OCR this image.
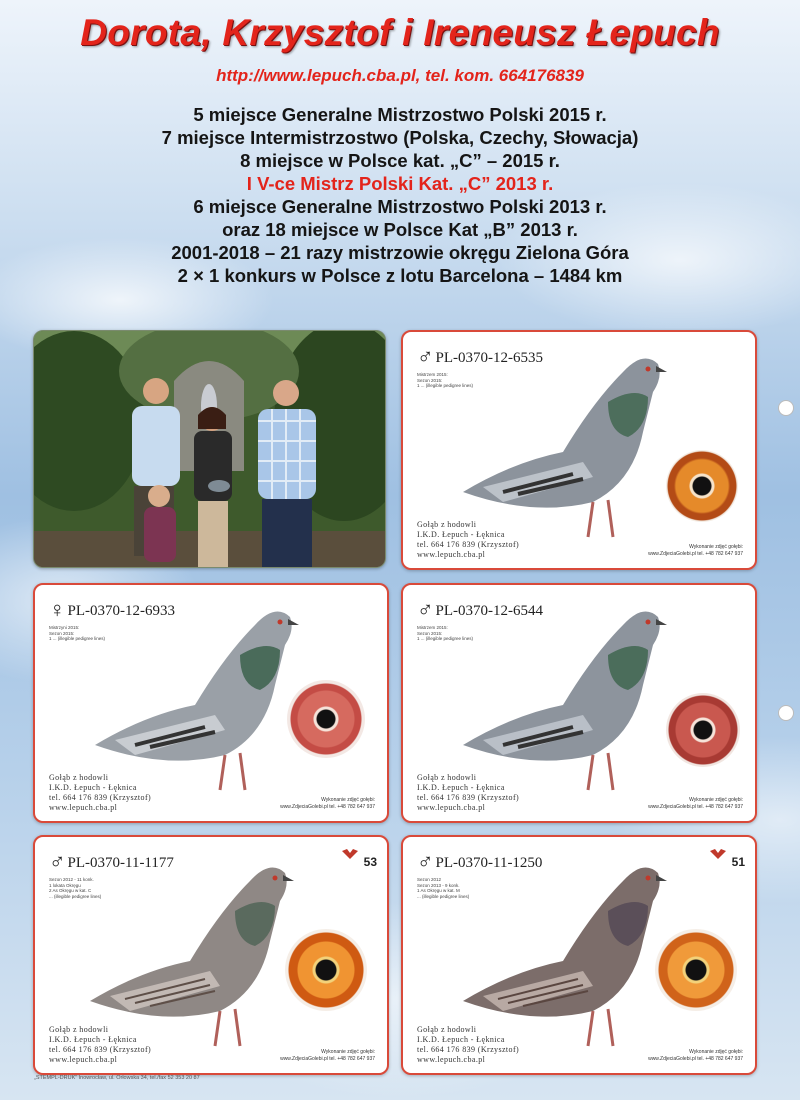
Dorota, Krzysztof i Ireneusz Łepuch
http://www.lepuch.cba.pl, tel. kom. 664176839
5 miejsce Generalne Mistrzostwo Polski 2015 r.
7 miejsce Intermistrzostwo (Polska, Czechy, Słowacja)
8 miejsce w Polsce kat. „C” – 2015 r.
I V-ce Mistrz Polski Kat. „C” 2013 r.
6 miejsce Generalne Mistrzostwo Polski 2013 r.
oraz 18 miejsce w Polsce Kat „B” 2013 r.
2001-2018 – 21 razy mistrzowie okręgu Zielona Góra
2 × 1 konkurs w Polsce z lotu Barcelona – 1484 km
♂ PL-0370-12-6535
Mistrzem 2015:
Sezon 2015:
1 ... (illegible pedigree lines)
Gołąb z hodowli
I.K.D. Łepuch - Łęknica
tel. 664 176 839 (Krzysztof)
www.lepuch.cba.pl
Wykonanie zdjęć gołębi:
www.ZdjeciaGolebi.pl tel. +48 782 647 937
♀ PL-0370-12-6933
Mistrzyni 2015:
Sezon 2015:
1 ... (illegible pedigree lines)
Gołąb z hodowli
I.K.D. Łepuch - Łęknica
tel. 664 176 839 (Krzysztof)
www.lepuch.cba.pl
Wykonanie zdjęć gołębi:
www.ZdjeciaGolebi.pl tel. +48 782 647 937
♂ PL-0370-12-6544
Mistrzem 2015:
Sezon 2015:
1 ... (illegible pedigree lines)
Gołąb z hodowli
I.K.D. Łepuch - Łęknica
tel. 664 176 839 (Krzysztof)
www.lepuch.cba.pl
Wykonanie zdjęć gołębi:
www.ZdjeciaGolebi.pl tel. +48 782 647 937
♂ PL-0370-11-1177	53
Sezon 2012 - 11 konk.
1 lokata Okręgu
2 As Okręgu w kat. C
... (illegible pedigree lines)
Gołąb z hodowli
I.K.D. Łepuch - Łęknica
tel. 664 176 839 (Krzysztof)
www.lepuch.cba.pl
Wykonanie zdjęć gołębi:
www.ZdjeciaGolebi.pl tel. +48 782 647 937
♂ PL-0370-11-1250	51
Sezon 2012
Sezon 2013 - 9 konk.
1 As Okręgu w kat. M
... (illegible pedigree lines)
Gołąb z hodowli
I.K.D. Łepuch - Łęknica
tel. 664 176 839 (Krzysztof)
www.lepuch.cba.pl
Wykonanie zdjęć gołębi:
www.ZdjeciaGolebi.pl tel. +48 782 647 937
„STEMPL-DRUK” Inowrocław, ul. Orłowska 34, tel./fax 52 353 20 87
